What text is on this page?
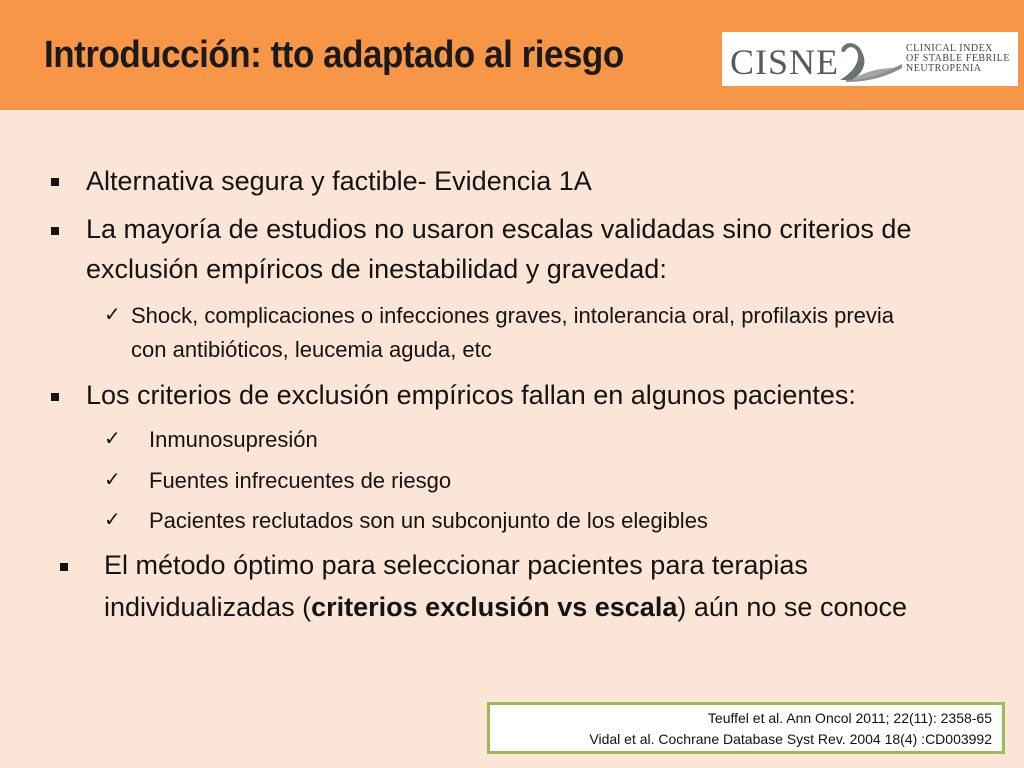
Introducción: tto adaptado al riesgo	CISNE	CLINICAL INDEX
OF STABLE FEBRILE
NEUTROPENIA
Alternativa segura y factible- Evidencia 1A
La mayoría de estudios no usaron escalas validadas sino criterios de
exclusión empíricos de inestabilidad y gravedad:
✓ Shock, complicaciones o infecciones graves, intolerancia oral, profilaxis previa
con antibióticos, leucemia aguda, etc
Los criterios de exclusión empíricos fallan en algunos pacientes:
✓ Inmunosupresión
✓ Fuentes infrecuentes de riesgo
✓ Pacientes reclutados son un subconjunto de los elegibles
El método óptimo para seleccionar pacientes para terapias
individualizadas (criterios exclusión vs escala) aún no se conoce
Teuffel et al. Ann Oncol 2011; 22(11): 2358-65
Vidal et al. Cochrane Database Syst Rev. 2004 18(4) :CD003992
